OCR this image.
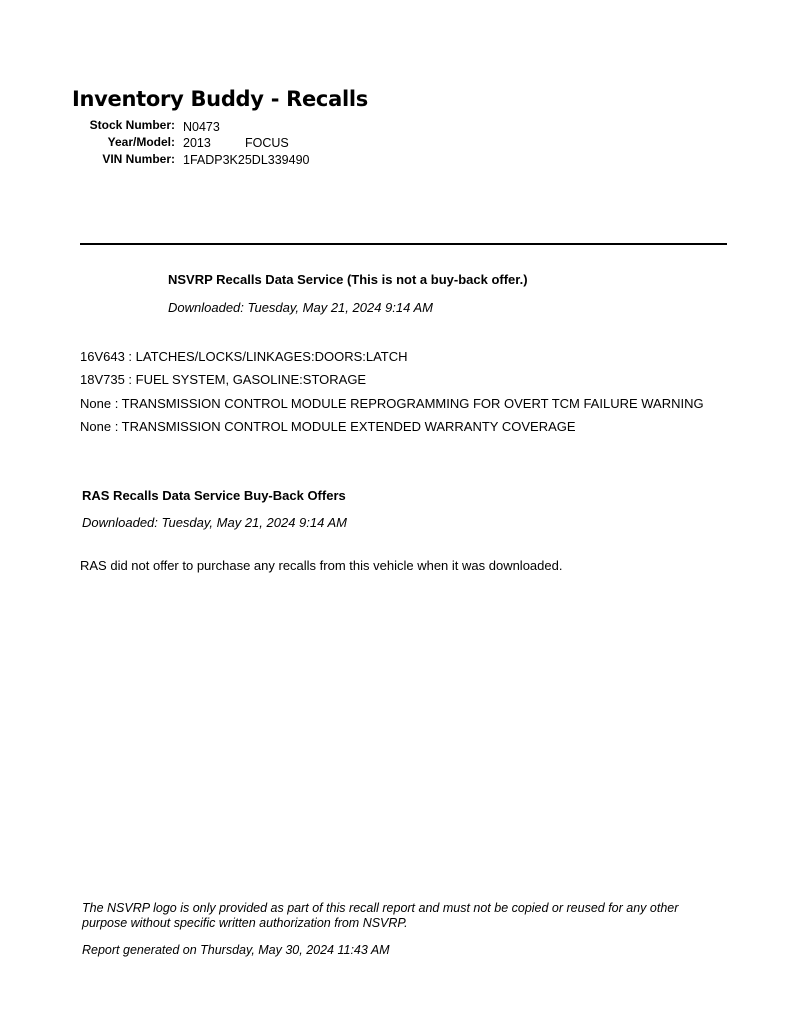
Inventory Buddy - Recalls
Stock Number: N0473
Year/Model: 2013	FOCUS
VIN Number: 1FADP3K25DL339490
NSVRP Recalls Data Service (This is not a buy-back offer.)
Downloaded: Tuesday, May 21, 2024 9:14 AM
16V643 : LATCHES/LOCKS/LINKAGES:DOORS:LATCH
18V735 : FUEL SYSTEM, GASOLINE:STORAGE
None : TRANSMISSION CONTROL MODULE REPROGRAMMING FOR OVERT TCM FAILURE WARNING
None : TRANSMISSION CONTROL MODULE EXTENDED WARRANTY COVERAGE
RAS Recalls Data Service Buy-Back Offers
Downloaded: Tuesday, May 21, 2024 9:14 AM
RAS did not offer to purchase any recalls from this vehicle when it was downloaded.
The NSVRP logo is only provided as part of this recall report and must not be copied or reused for any other purpose without specific written authorization from NSVRP.
Report generated on Thursday, May 30, 2024 11:43 AM
